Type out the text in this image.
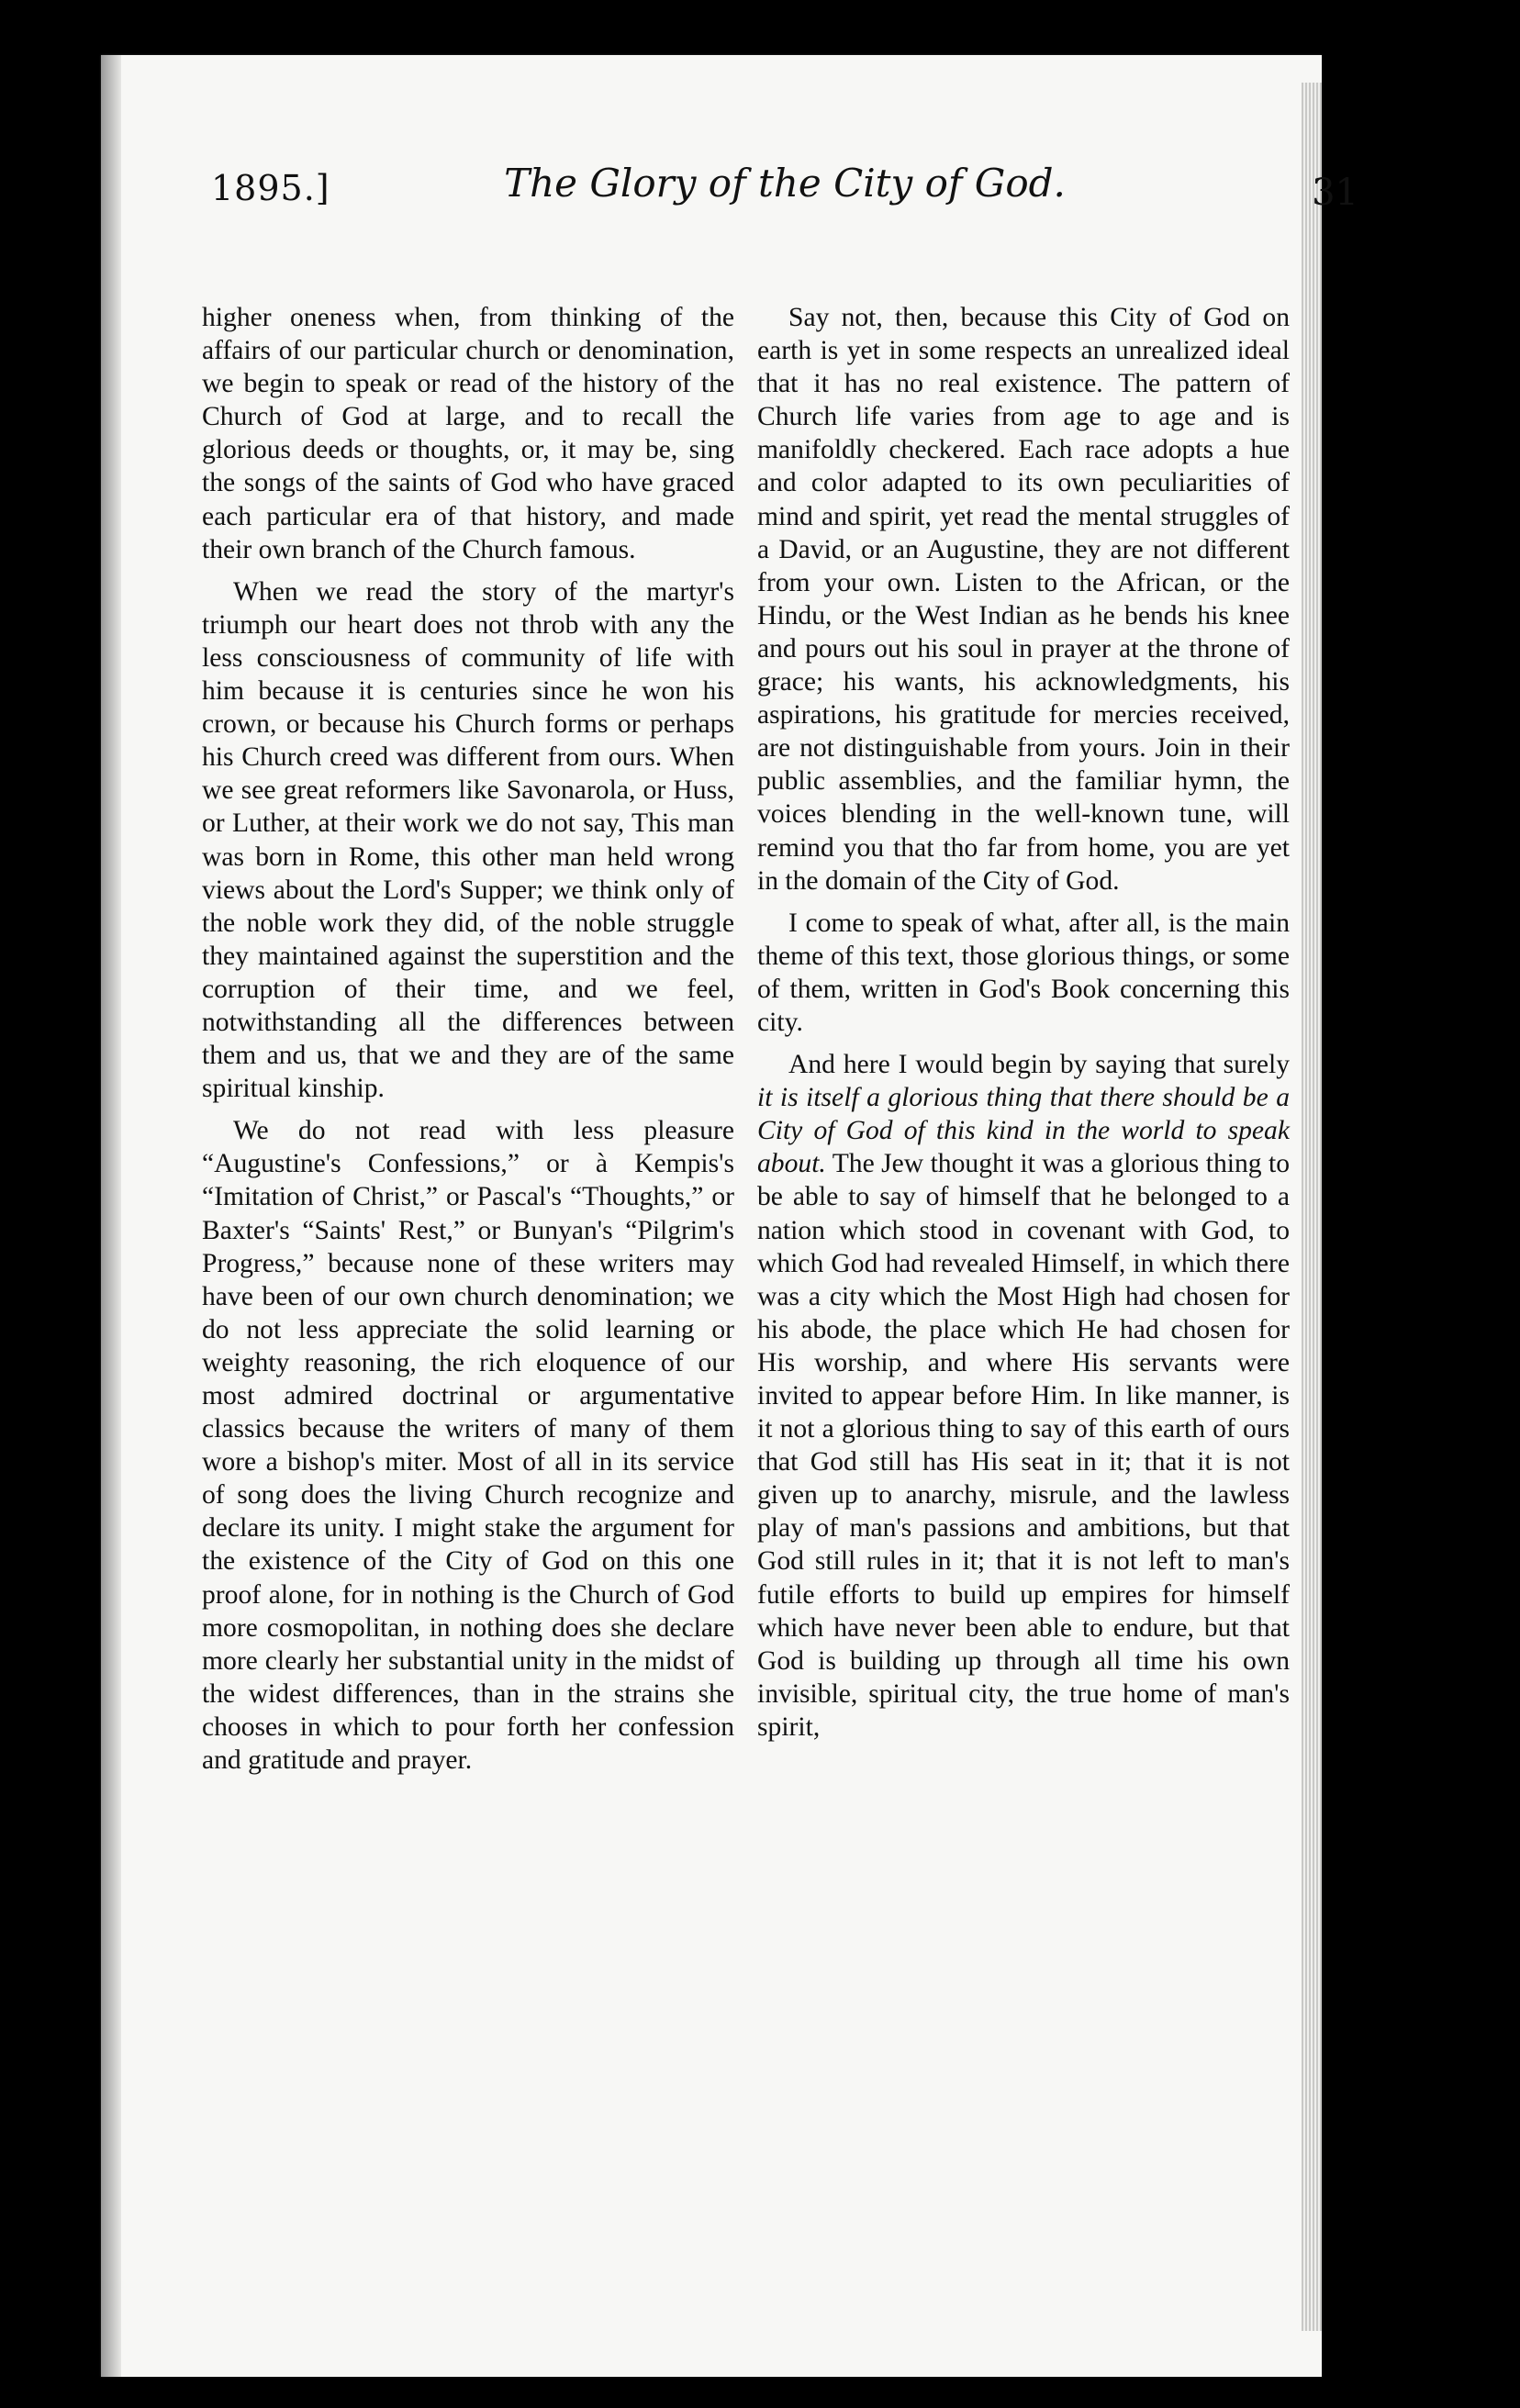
1895.]	The Glory of the City of God.	31

higher oneness when, from thinking of the affairs of our particular church or denomination, we begin to speak or read of the history of the Church of God at large, and to recall the glorious deeds or thoughts, or, it may be, sing the songs of the saints of God who have graced each particular era of that history, and made their own branch of the Church famous.

When we read the story of the martyr's triumph our heart does not throb with any the less consciousness of community of life with him because it is centuries since he won his crown, or because his Church forms or perhaps his Church creed was different from ours. When we see great reformers like Savonarola, or Huss, or Luther, at their work we do not say, This man was born in Rome, this other man held wrong views about the Lord's Supper; we think only of the noble work they did, of the noble struggle they maintained against the superstition and the corruption of their time, and we feel, notwithstanding all the differences between them and us, that we and they are of the same spiritual kinship.

We do not read with less pleasure “Augustine's Confessions,” or à Kempis's “Imitation of Christ,” or Pascal's “Thoughts,” or Baxter's “Saints' Rest,” or Bunyan's “Pilgrim's Progress,” because none of these writers may have been of our own church denomination; we do not less appreciate the solid learning or weighty reasoning, the rich eloquence of our most admired doctrinal or argumentative classics because the writers of many of them wore a bishop's miter. Most of all in its service of song does the living Church recognize and declare its unity. I might stake the argument for the existence of the City of God on this one proof alone, for in nothing is the Church of God more cosmopolitan, in nothing does she declare more clearly her substantial unity in the midst of the widest differences, than in the strains she chooses in which to pour forth her confession and gratitude and prayer.

Say not, then, because this City of God on earth is yet in some respects an unrealized ideal that it has no real existence. The pattern of Church life varies from age to age and is manifoldly checkered. Each race adopts a hue and color adapted to its own peculiarities of mind and spirit, yet read the mental struggles of a David, or an Augustine, they are not different from your own. Listen to the African, or the Hindu, or the West Indian as he bends his knee and pours out his soul in prayer at the throne of grace; his wants, his acknowledgments, his aspirations, his gratitude for mercies received, are not distinguishable from yours. Join in their public assemblies, and the familiar hymn, the voices blending in the well-known tune, will remind you that tho far from home, you are yet in the domain of the City of God.

I come to speak of what, after all, is the main theme of this text, those glorious things, or some of them, written in God's Book concerning this city.

And here I would begin by saying that surely it is itself a glorious thing that there should be a City of God of this kind in the world to speak about. The Jew thought it was a glorious thing to be able to say of himself that he belonged to a nation which stood in covenant with God, to which God had revealed Himself, in which there was a city which the Most High had chosen for his abode, the place which He had chosen for His worship, and where His servants were invited to appear before Him. In like manner, is it not a glorious thing to say of this earth of ours that God still has His seat in it; that it is not given up to anarchy, misrule, and the lawless play of man's passions and ambitions, but that God still rules in it; that it is not left to man's futile efforts to build up empires for himself which have never been able to endure, but that God is building up through all time his own invisible, spiritual city, the true home of man's spirit,
